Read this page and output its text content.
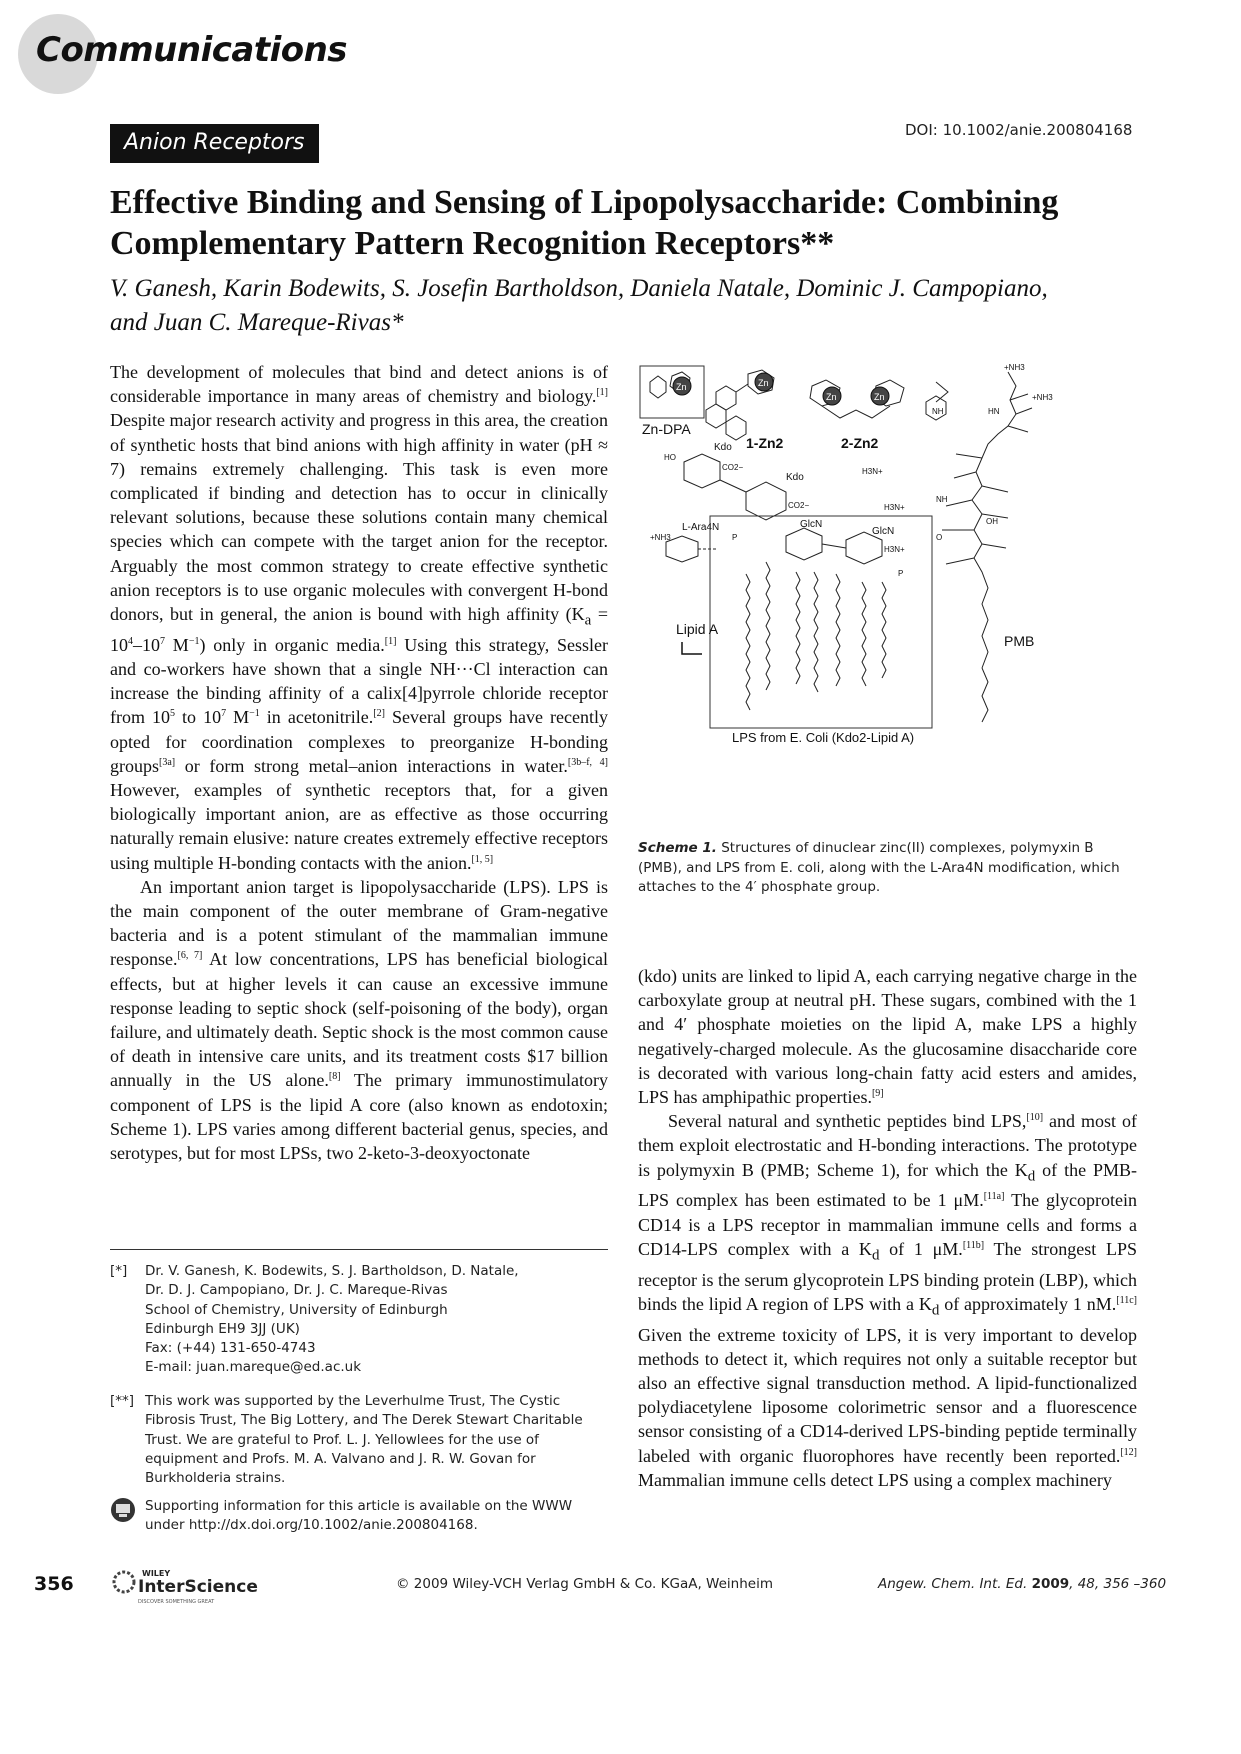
Communications
Anion Receptors	DOI: 10.1002/anie.200804168
Effective Binding and Sensing of Lipopolysaccharide: Combining
Complementary Pattern Recognition Receptors**
V. Ganesh, Karin Bodewits, S. Josefin Bartholdson, Daniela Natale, Dominic J. Campopiano,
and Juan C. Mareque-Rivas*

The development of molecules that bind and detect anions is of considerable importance in many areas of chemistry and biology.[1] Despite major research activity and progress in this area, the creation of synthetic hosts that bind anions with high affinity in water (pH ≈ 7) remains extremely challenging. This task is even more complicated if binding and detection has to occur in clinically relevant solutions, because these solutions contain many chemical species which can compete with the target anion for the receptor. Arguably the most common strategy to create effective synthetic anion receptors is to use organic molecules with convergent H-bond donors, but in general, the anion is bound with high affinity ($K_a = 10^4-10^7$ $M^{-1}$) only in organic media.[1] Using this strategy, Sessler and co-workers have shown that a single NH···Cl interaction can increase the binding affinity of a calix[4]pyrrole chloride receptor from $10^5$ to $10^7$ $M^{-1}$ in acetonitrile.[2] Several groups have recently opted for coordination complexes to preorganize H-bonding groups[3a] or form strong metal–anion interactions in water.[3b–f, 4] However, examples of synthetic receptors that, for a given biologically important anion, are as effective as those occurring naturally remain elusive: nature creates extremely effective receptors using multiple H-bonding contacts with the anion.[1, 5]

An important anion target is lipopolysaccharide (LPS). LPS is the main component of the outer membrane of Gram-negative bacteria and is a potent stimulant of the mammalian immune response.[6, 7] At low concentrations, LPS has beneficial biological effects, but at higher levels it can cause an excessive immune response leading to septic shock (self-poisoning of the body), organ failure, and ultimately death. Septic shock is the most common cause of death in intensive care units, and its treatment costs $17 billion annually in the US alone.[8] The primary immunostimulatory component of LPS is the lipid A core (also known as endotoxin; Scheme 1). LPS varies among different bacterial genus, species, and serotypes, but for most LPSs, two 2-keto-3-deoxyoctonate

Zn
Zn-DPA
Zn
1-Zn2
Zn	Zn
2-Zn2
Kdo
HO
CO2−
Kdo
CO2−
L-Ara4N
+NH3
GlcN
GlcN
P
P
Lipid A
LPS from E. Coli (Kdo2-Lipid A)
+NH3
+NH3
H3N+
H3N+
H3N+
NH	HN
NH
O
OH
PMB
Scheme 1. Structures of dinuclear zinc(II) complexes, polymyxin B (PMB), and LPS from E. coli, along with the L-Ara4N modification, which attaches to the 4′ phosphate group.

(kdo) units are linked to lipid A, each carrying negative charge in the carboxylate group at neutral pH. These sugars, combined with the 1 and 4′ phosphate moieties on the lipid A, make LPS a highly negatively-charged molecule. As the glucosamine disaccharide core is decorated with various long-chain fatty acid esters and amides, LPS has amphipathic properties.[9]

Several natural and synthetic peptides bind LPS,[10] and most of them exploit electrostatic and H-bonding interactions. The prototype is polymyxin B (PMB; Scheme 1), for which the $K_d$ of the PMB-LPS complex has been estimated to be 1 μM.[11a] The glycoprotein CD14 is a LPS receptor in mammalian immune cells and forms a CD14-LPS complex with a $K_d$ of 1 μM.[11b] The strongest LPS receptor is the serum glycoprotein LPS binding protein (LBP), which binds the lipid A region of LPS with a $K_d$ of approximately 1 nM.[11c] Given the extreme toxicity of LPS, it is very important to develop methods to detect it, which requires not only a suitable receptor but also an effective signal transduction method. A lipid-functionalized polydiacetylene liposome colorimetric sensor and a fluorescence sensor consisting of a CD14-derived LPS-binding peptide terminally labeled with organic fluorophores have recently been reported.[12] Mammalian immune cells detect LPS using a complex machinery

[*]	Dr. V. Ganesh, K. Bodewits, S. J. Bartholdson, D. Natale,
Dr. D. J. Campopiano, Dr. J. C. Mareque-Rivas
School of Chemistry, University of Edinburgh
Edinburgh EH9 3JJ (UK)
Fax: (+44) 131-650-4743
E-mail: juan.mareque@ed.ac.uk
[**] This work was supported by the Leverhulme Trust, The Cystic Fibrosis Trust, The Big Lottery, and The Derek Stewart Charitable Trust. We are grateful to Prof. L. J. Yellowlees for the use of equipment and Profs. M. A. Valvano and J. R. W. Govan for Burkholderia strains.
Supporting information for this article is available on the WWW under http://dx.doi.org/10.1002/anie.200804168.
356	WILEY
InterScience
DISCOVER SOMETHING GREAT
© 2009 Wiley-VCH Verlag GmbH & Co. KGaA, Weinheim	Angew. Chem. Int. Ed. 2009, 48, 356 –360
